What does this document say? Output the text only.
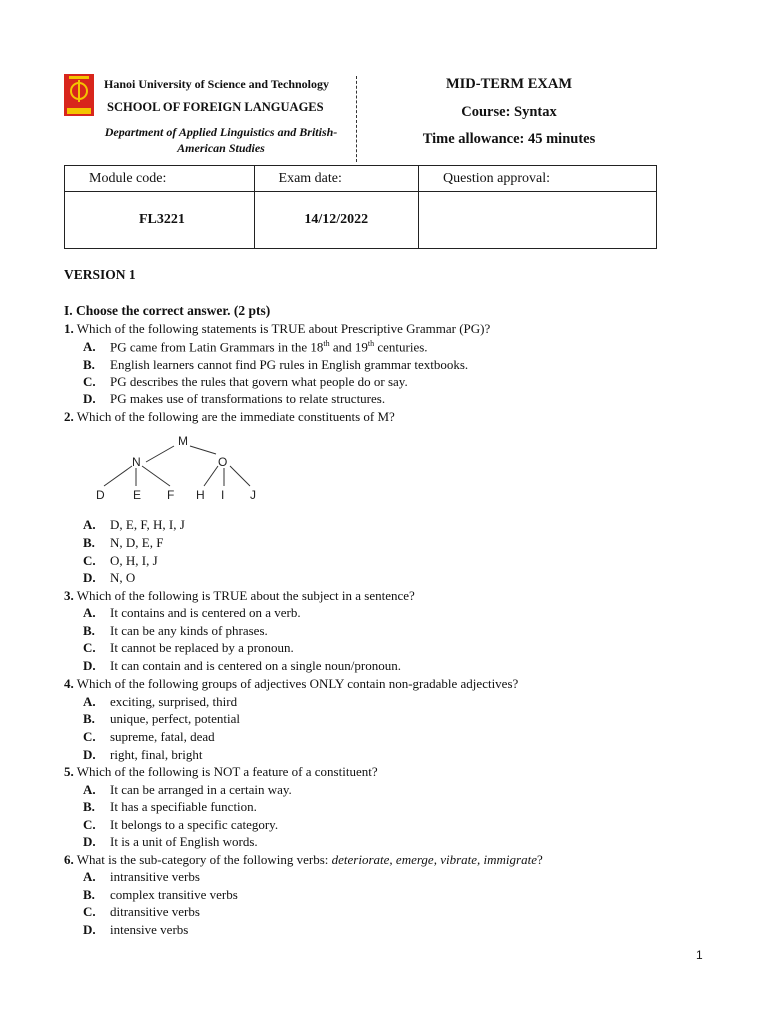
Hanoi University of Science and Technology
SCHOOL OF FOREIGN LANGUAGES
Department of Applied Linguistics and British-American Studies
MID-TERM EXAM
Course: Syntax
Time allowance: 45 minutes
Module code:	Exam date:	Question approval:
FL3221	14/12/2022	
VERSION 1
I. Choose the correct answer. (2 pts)
1. Which of the following statements is TRUE about Prescriptive Grammar (PG)?
A. PG came from Latin Grammars in the 18th and 19th centuries.
B. English learners cannot find PG rules in English grammar textbooks.
C. PG describes the rules that govern what people do or say.
D. PG makes use of transformations to relate structures.
2. Which of the following are the immediate constituents of M?
M
N	O
D E F H I J
A. D, E, F, H, I, J
B. N, D, E, F
C. O, H, I, J
D. N, O
3. Which of the following is TRUE about the subject in a sentence?
A. It contains and is centered on a verb.
B. It can be any kinds of phrases.
C. It cannot be replaced by a pronoun.
D. It can contain and is centered on a single noun/pronoun.
4. Which of the following groups of adjectives ONLY contain non-gradable adjectives?
A. exciting, surprised, third
B. unique, perfect, potential
C. supreme, fatal, dead
D. right, final, bright
5. Which of the following is NOT a feature of a constituent?
A. It can be arranged in a certain way.
B. It has a specifiable function.
C. It belongs to a specific category.
D. It is a unit of English words.
6. What is the sub-category of the following verbs: deteriorate, emerge, vibrate, immigrate?
A. intransitive verbs
B. complex transitive verbs
C. ditransitive verbs
D. intensive verbs
1
